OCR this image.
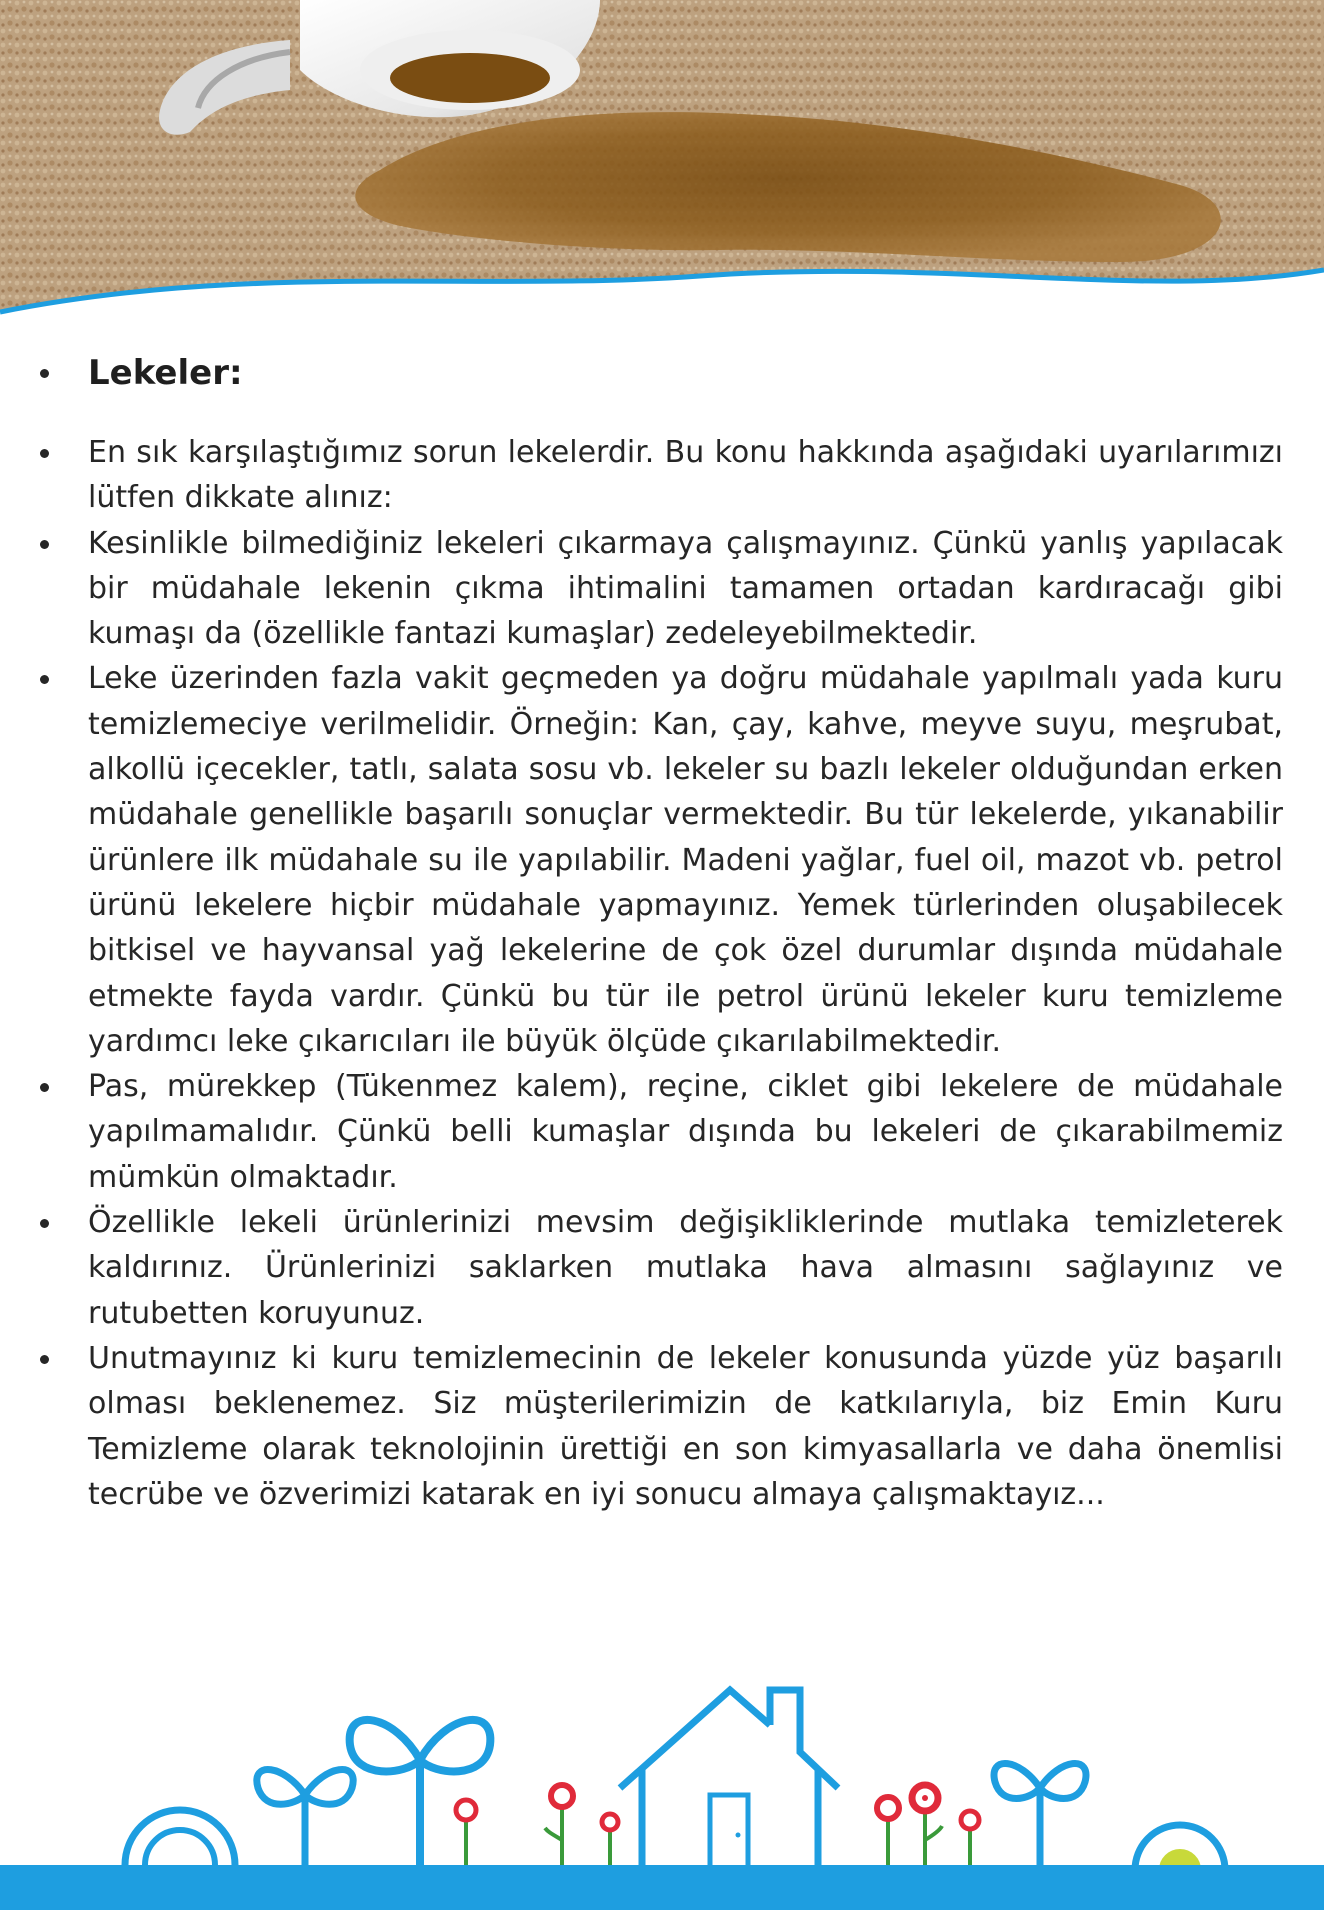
Lekeler:
En sık karşılaştığımız sorun lekelerdir. Bu konu hakkında aşağıdaki uyarılarımızı lütfen dikkate alınız:
Kesinlikle bilmediğiniz lekeleri çıkarmaya çalışmayınız. Çünkü yanlış yapılacak bir müdahale lekenin çıkma ihtimalini tamamen ortadan kardıracağı gibi kumaşı da (özellikle fantazi kumaşlar) zedeleyebilmektedir.
Leke üzerinden fazla vakit geçmeden ya doğru müdahale yapılmalı yada kuru temizlemeciye verilmelidir. Örneğin: Kan, çay, kahve, meyve suyu, meşrubat, alkollü içecekler, tatlı, salata sosu vb. lekeler su bazlı lekeler olduğundan erken müdahale genellikle başarılı sonuçlar vermektedir. Bu tür lekelerde, yıkanabilir ürünlere ilk müdahale su ile yapılabilir. Madeni yağlar, fuel oil, mazot vb. petrol ürünü lekelere hiçbir müdahale yapmayınız. Yemek türlerinden oluşabilecek bitkisel ve hayvansal yağ lekelerine de çok özel durumlar dışında müdahale etmekte fayda vardır. Çünkü bu tür ile petrol ürünü lekeler kuru temizleme yardımcı leke çıkarıcıları ile büyük ölçüde çıkarılabilmektedir.
Pas, mürekkep (Tükenmez kalem), reçine, ciklet gibi lekelere de müdahale yapılmamalıdır. Çünkü belli kumaşlar dışında bu lekeleri de çıkarabilmemiz mümkün olmaktadır.
Özellikle lekeli ürünlerinizi mevsim değişikliklerinde mutlaka temizleterek kaldırınız. Ürünlerinizi saklarken mutlaka hava almasını sağlayınız ve rutubetten koruyunuz.
Unutmayınız ki kuru temizlemecinin de lekeler konusunda yüzde yüz başarılı olması beklenemez. Siz müşterilerimizin de katkılarıyla, biz Emin Kuru Temizleme olarak teknolojinin ürettiği en son kimyasallarla ve daha önemlisi tecrübe ve özverimizi katarak en iyi sonucu almaya çalışmaktayız...
